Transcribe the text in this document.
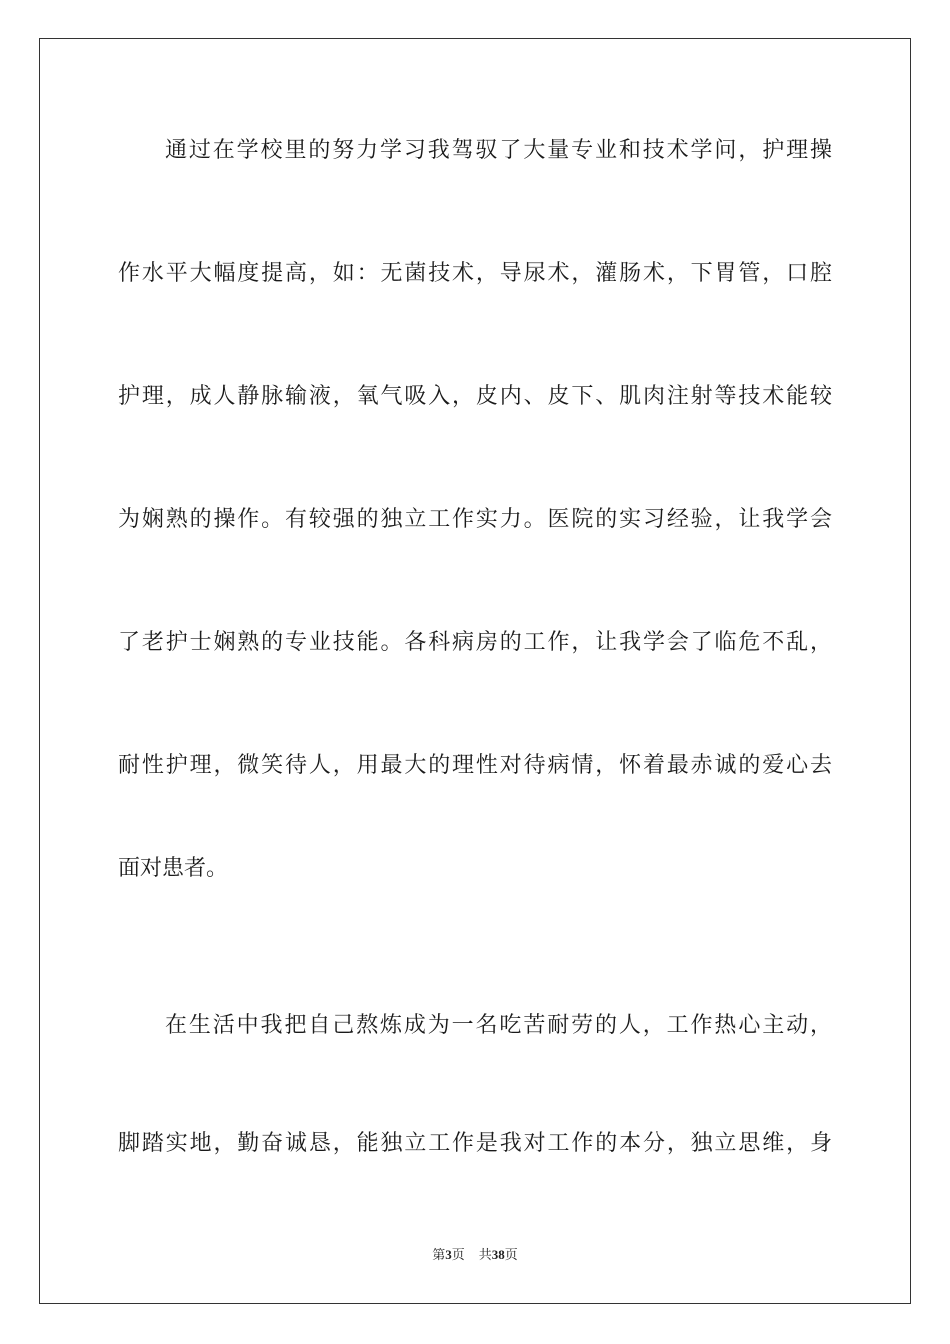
通过在学校里的努力学习我驾驭了大量专业和技术学问，护理操
作水平大幅度提高，如：无菌技术，导尿术，灌肠术，下胃管，口腔
护理，成人静脉输液，氧气吸入，皮内、皮下、肌肉注射等技术能较
为娴熟的操作。有较强的独立工作实力。医院的实习经验，让我学会
了老护士娴熟的专业技能。各科病房的工作，让我学会了临危不乱，
耐性护理，微笑待人，用最大的理性对待病情，怀着最赤诚的爱心去
面对患者。
在生活中我把自己熬炼成为一名吃苦耐劳的人，工作热心主动，
脚踏实地，勤奋诚恳，能独立工作是我对工作的本分，独立思维，身
第3页 共38页
